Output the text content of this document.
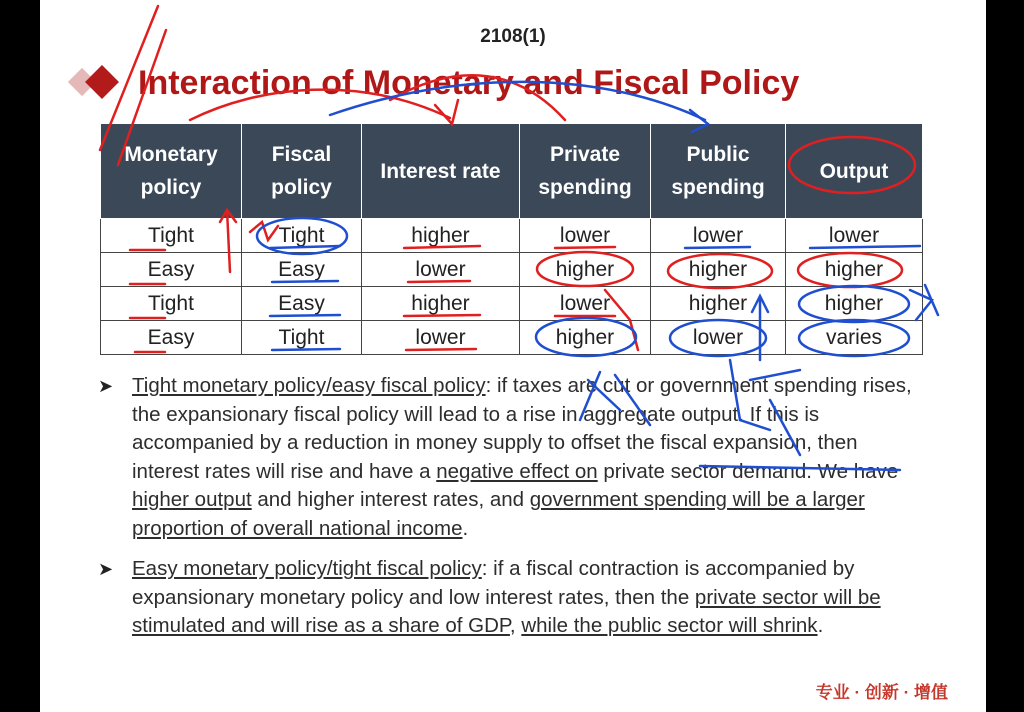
2108(1)
Interaction of Monetary and Fiscal Policy
Monetary
policy	Fiscal
policy	Interest rate	Private
spending	Public
spending	Output
Tight	Tight	higher	lower	lower	lower
Easy	Easy	lower	higher	higher	higher
Tight	Easy	higher	lower	higher	higher
Easy	Tight	lower	higher	lower	varies
➤ Tight monetary policy/easy fiscal policy: if taxes are cut or government spending rises, the expansionary fiscal policy will lead to a rise in aggregate output. If this is accompanied by a reduction in money supply to offset the fiscal expansion, then interest rates will rise and have a negative effect on private sector demand. We have higher output and higher interest rates, and government spending will be a larger proportion of overall national income.
➤ Easy monetary policy/tight fiscal policy: if a fiscal contraction is accompanied by expansionary monetary policy and low interest rates, then the private sector will be stimulated and will rise as a share of GDP, while the public sector will shrink.
专业 · 创新 · 增值
